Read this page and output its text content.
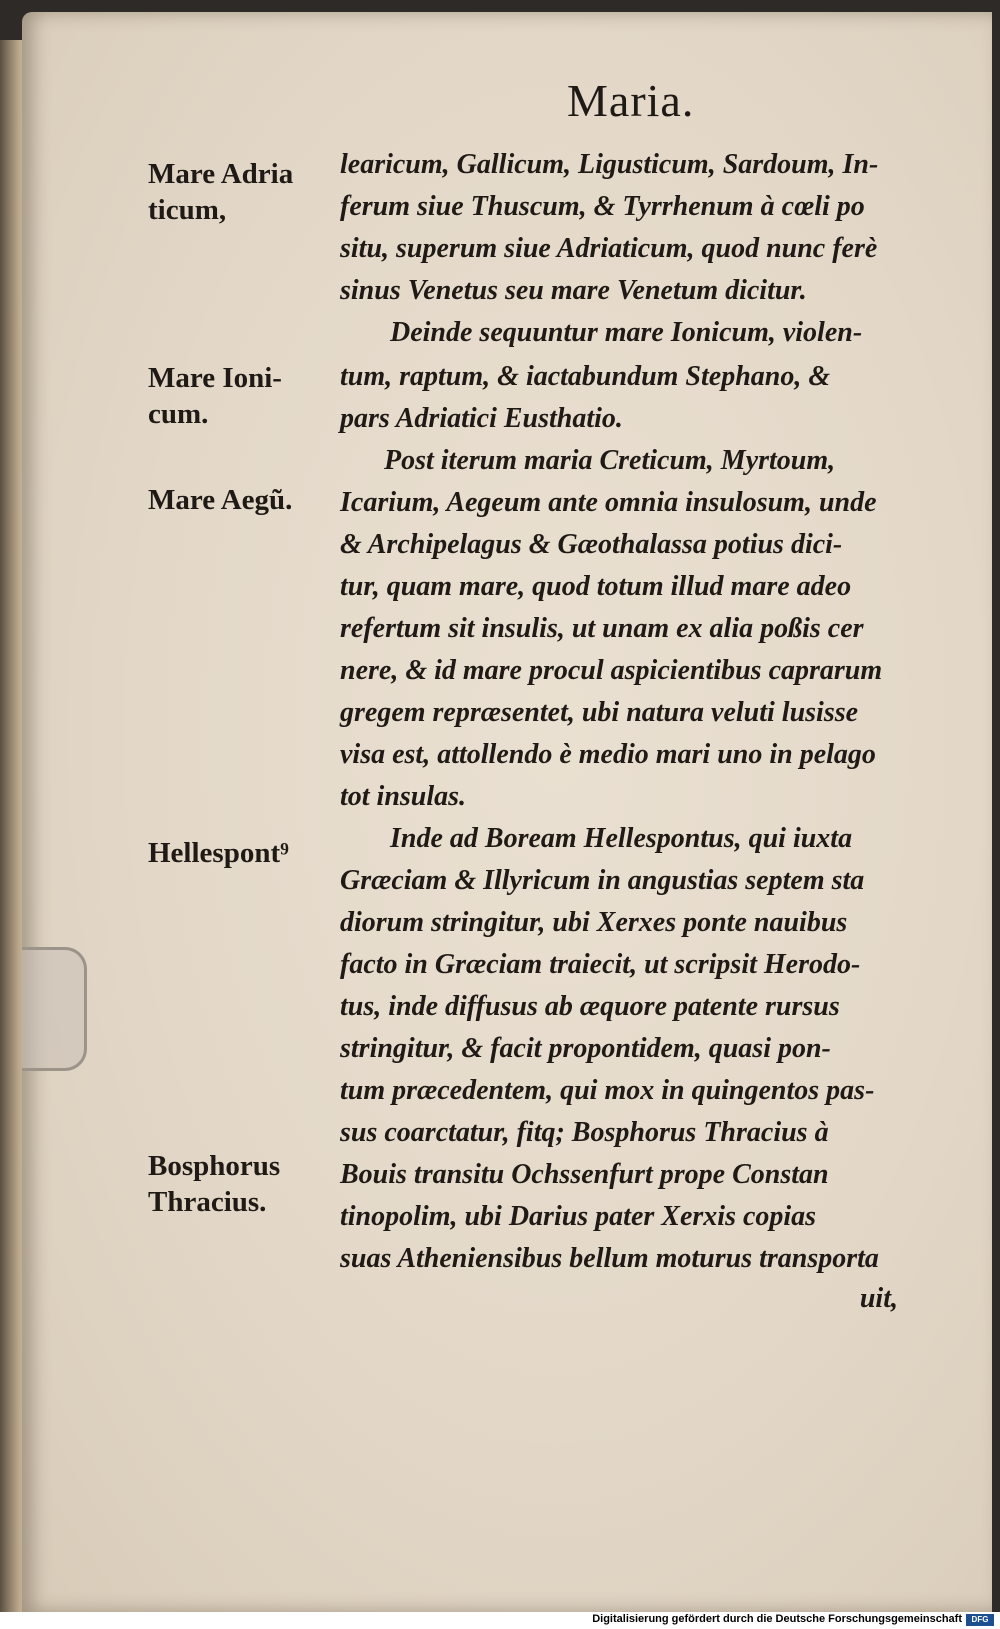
Maria.

Mare Adria

ticum,

Mare Ioni-

cum.

Mare Aegũ.

Hellespont⁹

Bosphorus

Thracius.

learicum, Gallicum, Ligusticum, Sardoum, In-

ferum siue Thuscum, & Tyrrhenum à cœli po

situ, superum siue Adriaticum, quod nunc ferè

sinus Venetus seu mare Venetum dicitur.

Deinde sequuntur mare Ionicum, violen-

tum, raptum, & iactabundum Stephano, &

pars Adriatici Eusthatio.

Post iterum maria Creticum, Myrtoum,

Icarium, Aegeum ante omnia insulosum, unde

& Archipelagus & Gæothalassa potius dici-

tur, quam mare, quod totum illud mare adeo

refertum sit insulis, ut unam ex alia poßis cer

nere, & id mare procul aspicientibus caprarum

gregem repræsentet, ubi natura veluti lusisse

visa est, attollendo è medio mari uno in pelago

tot insulas.

Inde ad Boream Hellespontus, qui iuxta

Græciam & Illyricum in angustias septem sta

diorum stringitur, ubi Xerxes ponte nauibus

facto in Græciam traiecit, ut scripsit Herodo-

tus, inde diffusus ab æquore patente rursus

stringitur, & facit propontidem, quasi pon-

tum præcedentem, qui mox in quingentos pas-

sus coarctatur, fitq; Bosphorus Thracius à

Bouis transitu Ochssenfurt prope Constan

tinopolim, ubi Darius pater Xerxis copias

suas Atheniensibus bellum moturus transporta

uit,

Digitalisierung gefördert durch die Deutsche Forschungsgemeinschaft	DFG
